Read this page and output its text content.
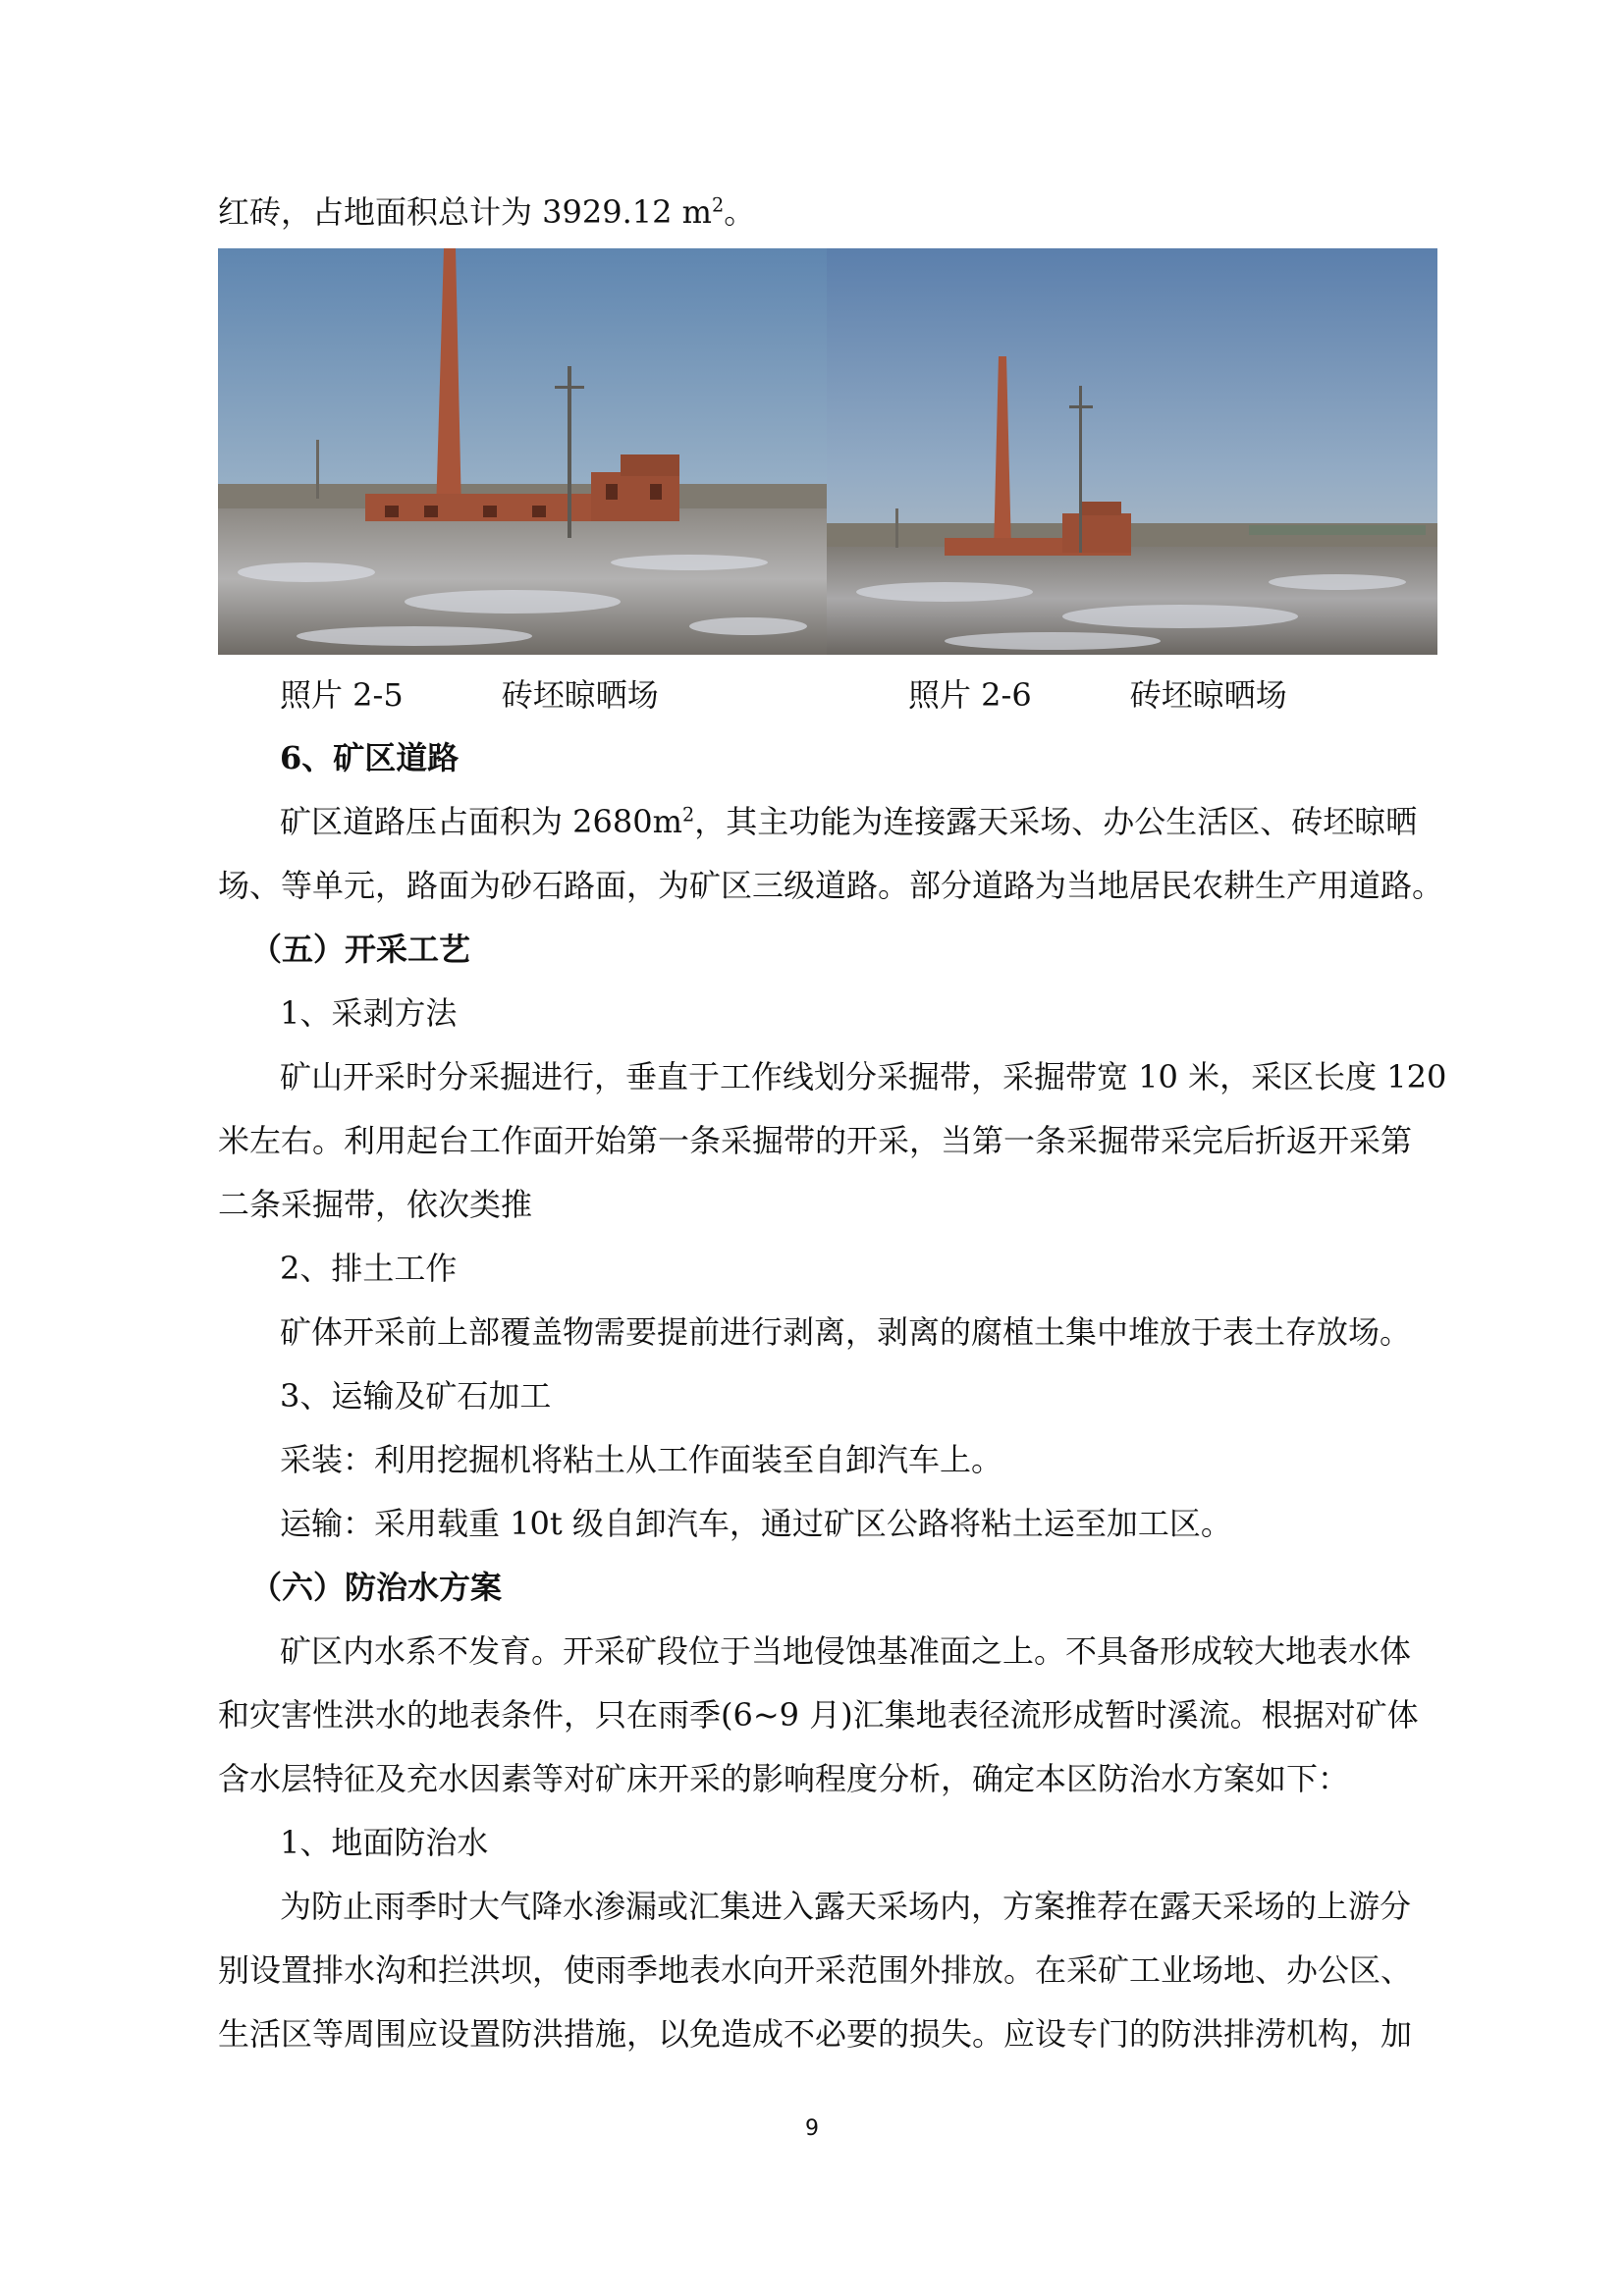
红砖，占地面积总计为 3929.12 $m^2$。
照片 2-5	砖坯晾晒场	照片 2-6	砖坯晾晒场
6、矿区道路
矿区道路压占面积为 $2680m^2$，其主功能为连接露天采场、办公生活区、砖坯晾晒
场、等单元，路面为砂石路面，为矿区三级道路。部分道路为当地居民农耕生产用道路。
（五）开采工艺
1、采剥方法
矿山开采时分采掘进行，垂直于工作线划分采掘带，采掘带宽 10 米，采区长度 120
米左右。利用起台工作面开始第一条采掘带的开采，当第一条采掘带采完后折返开采第
二条采掘带，依次类推
2、排土工作
矿体开采前上部覆盖物需要提前进行剥离，剥离的腐植土集中堆放于表土存放场。
3、运输及矿石加工
采装：利用挖掘机将粘土从工作面装至自卸汽车上。
运输：采用载重 10t 级自卸汽车，通过矿区公路将粘土运至加工区。
（六）防治水方案
矿区内水系不发育。开采矿段位于当地侵蚀基准面之上。不具备形成较大地表水体
和灾害性洪水的地表条件，只在雨季(6~9 月)汇集地表径流形成暂时溪流。根据对矿体
含水层特征及充水因素等对矿床开采的影响程度分析，确定本区防治水方案如下：
1、地面防治水
为防止雨季时大气降水渗漏或汇集进入露天采场内，方案推荐在露天采场的上游分
别设置排水沟和拦洪坝，使雨季地表水向开采范围外排放。在采矿工业场地、办公区、
生活区等周围应设置防洪措施，以免造成不必要的损失。应设专门的防洪排涝机构，加
9
